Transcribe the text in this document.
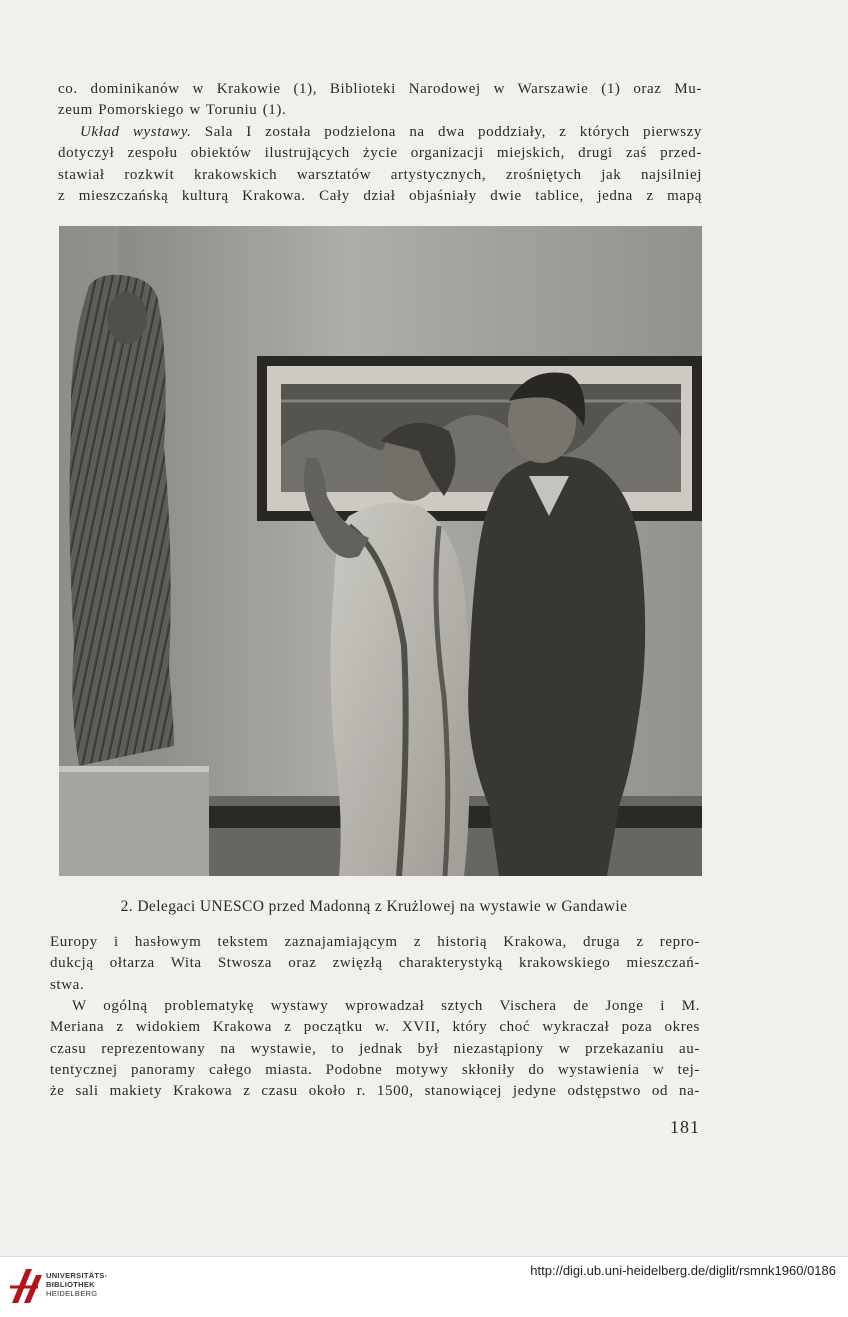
co. dominikanów w Krakowie (1), Biblioteki Narodowej w Warszawie (1) oraz Mu-
zeum Pomorskiego w Toruniu (1).
Układ wystawy. Sala I została podzielona na dwa poddziały, z których pierwszy
dotyczył zespołu obiektów ilustrujących życie organizacji miejskich, drugi zaś przed-
stawiał rozkwit krakowskich warsztatów artystycznych, zrośniętych jak najsilniej
z mieszczańską kulturą Krakowa. Cały dział objaśniały dwie tablice, jedna z mapą
2. Delegaci UNESCO przed Madonną z Krużlowej na wystawie w Gandawie
Europy i hasłowym tekstem zaznajamiającym z historią Krakowa, druga z repro-
dukcją ołtarza Wita Stwosza oraz zwięzłą charakterystyką krakowskiego mieszczań-
stwa.
W ogólną problematykę wystawy wprowadzał sztych Vischera de Jonge i M.
Meriana z widokiem Krakowa z początku w. XVII, który choć wykraczał poza okres
czasu reprezentowany na wystawie, to jednak był niezastąpiony w przekazaniu au-
tentycznej panoramy całego miasta. Podobne motywy skłoniły do wystawienia w tej-
że sali makiety Krakowa z czasu około r. 1500, stanowiącej jedyne odstępstwo od na-
181
UNIVERSITÄTS-
BIBLIOTHEK
HEIDELBERG
http://digi.ub.uni-heidelberg.de/diglit/rsmnk1960/0186
